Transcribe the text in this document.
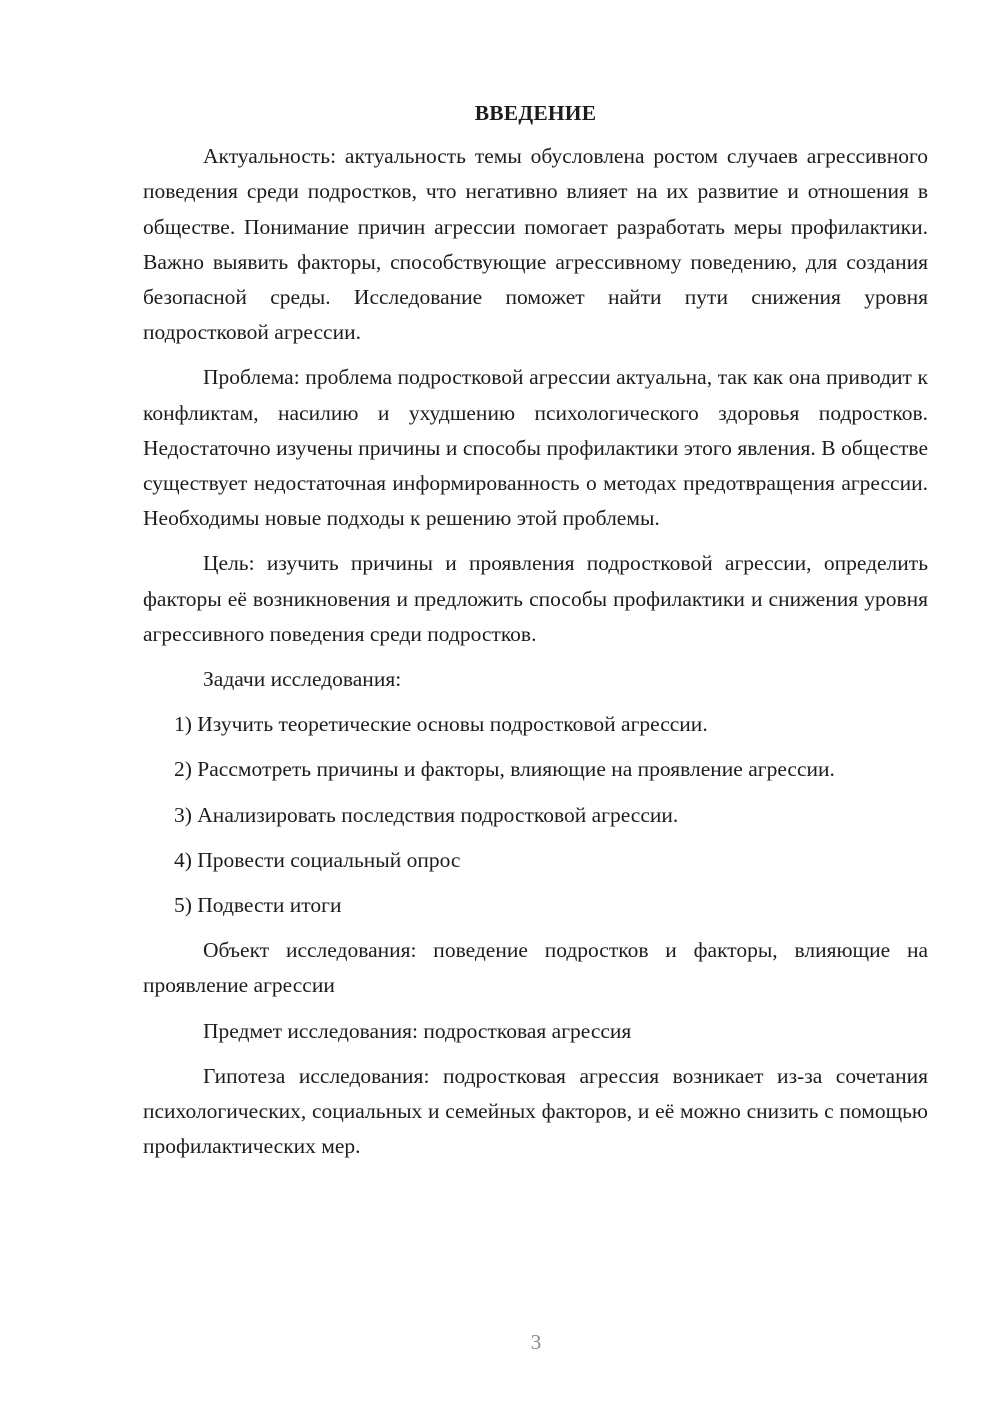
ВВЕДЕНИЕ

Актуальность: актуальность темы обусловлена ростом случаев агрессивного поведения среди подростков, что негативно влияет на их развитие и отношения в обществе. Понимание причин агрессии помогает разработать меры профилактики. Важно выявить факторы, способствующие агрессивному поведению, для создания безопасной среды. Исследование поможет найти пути снижения уровня подростковой агрессии.

Проблема: проблема подростковой агрессии актуальна, так как она приводит к конфликтам, насилию и ухудшению психологического здоровья подростков. Недостаточно изучены причины и способы профилактики этого явления. В обществе существует недостаточная информированность о методах предотвращения агрессии. Необходимы новые подходы к решению этой проблемы.

Цель: изучить причины и проявления подростковой агрессии, определить факторы её возникновения и предложить способы профилактики и снижения уровня агрессивного поведения среди подростков.

Задачи исследования:

1) Изучить теоретические основы подростковой агрессии.

2) Рассмотреть причины и факторы, влияющие на проявление агрессии.

3) Анализировать последствия подростковой агрессии.

4) Провести социальный опрос

5) Подвести итоги

Объект исследования: поведение подростков и факторы, влияющие на проявление агрессии

Предмет исследования: подростковая агрессия

Гипотеза исследования: подростковая агрессия возникает из-за сочетания психологических, социальных и семейных факторов, и её можно снизить с помощью профилактических мер.

3
